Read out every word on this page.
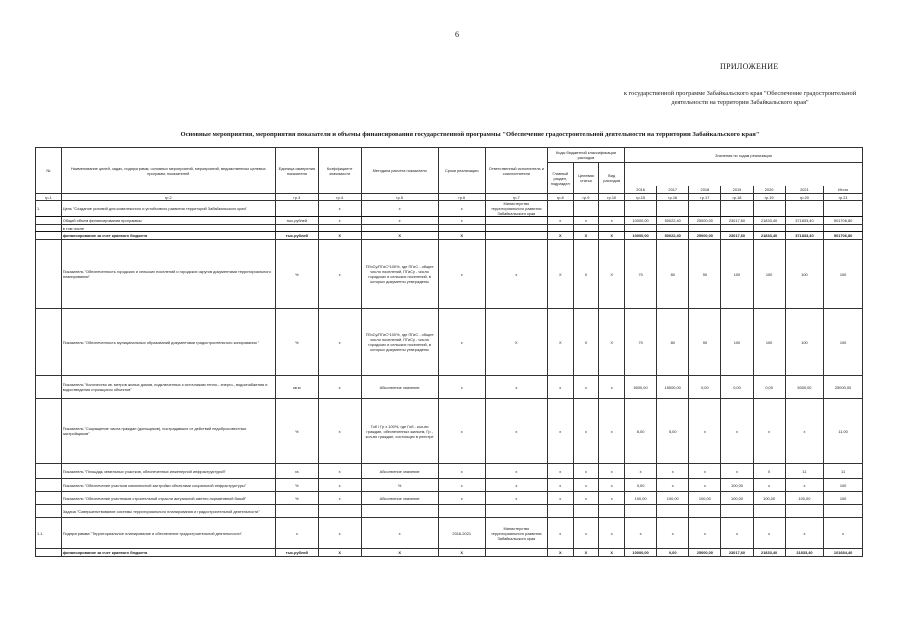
6
ПРИЛОЖЕНИЕ
к государственной программе Забайкальского края "Обеспечение градостроительной деятельности на территории Забайкальского края"
Основные мероприятия, мероприятия показатели и объемы финансирования государственной программы "Обеспечение градостроительной деятельности на территории Забайкальского края"
№	Наименование целей, задач, подпрограмм, основных мероприятий, мероприятий, ведомственных целевых программ, показателей	Единица измерения показателя	Коэффициент значимости	Методика расчета показателя	Сроки реализации	Ответственный исполнитель и соисполнители	Коды бюджетной классификации расходов			Значения по годам реализации						
							Главный раздел, подраздел	Целевая статья	Вид расходов							
										2016	2017	2018	2019	2020	2021	Итого
гр.1	гр.2	гр.3	гр.4	гр.5	гр.6	гр.7	гр.8	гр.9	гр.10	гр.15	гр.16	гр.17	гр.18	гр.19	гр.20	гр.21
1.	Цель "Создание условий для комплексного и устойчивого развития территорий Забайкальского края"		х	х	х	Министерство территориального развития Забайкальского края										
	Общий объем финансирования программы	тыс.рублей	х	х	х		х	х	х	10000,00	50022,40	25000,00	23017,60	21833,40	371833,40	501706,80
	в том числе															
	финансирование за счет краевого бюджета	тыс.рублей	Х	Х	Х		Х	Х	Х	10000,00	50022,40	25000,00	23017,60	21833,40	371833,40	501706,80
	Показатель "Обеспеченность городских и сельских поселений и городских округов документами территориального планирования"	%	х	ПГиСу/ПГиС*100%, где ПГиС - общее число поселений, ПГиСу - число городских и сельских поселений, в которых документы утверждены	х	х	Х	Х	Х	70	80	90	100	100	100	100
	Показатель "Обеспеченность муниципальных образований документами градостроительного зонирования "	%	х	ПГиСу/ПГиС*100%, где ПГиС - общее число поселений, ПГиСу - число городских и сельских поселений, в которых документы утверждены	х	Х	Х	Х	Х	70	80	90	100	100	100	100
	Показатель "Количество кв. метров жилых домов, подключенных к источникам тепло-, энерго-, водоснабжения и водоотведения строящихся объектов"	кв.м	х	Абсолютное значение	х	х	х	х	х	5000,00	15000,00	0,00	0,00	0,00	5000,00	25000,00
	Показатель "Сокращение числа граждан (дольщиков), пострадавших от действий недобросовестных застройщиков"	%	х	Гоб / Гр х 100%, где Гоб - кол-во граждан, обеспеченных жильем, Гр - кол-во граждан, состоящих в реестре	х	х	х	х	х	6,00	5,00	х	х	х	х	11,00
	Показатель "Площадь земельных участков, обеспеченных инженерной инфраструктурой"	га	х	Абсолютное значение	х	х	х	х	х	х	х	х	х	0	11	11
	Показатель "Обеспечение участков комплексной застройки объектами социальной инфраструктуры"	%	х	%	х	х	х	х	х	0,00	х	х	100,00	х	х	100
	Показатель "Обеспечение участников строительной отрасли актуальной сметно-нормативной базой"	%	х	Абсолютное значение	х	х	х	х	х	100,00	100,00	100,00	100,00	100,00	100,00	100
	Задача "Совершенствование системы территориального планирования и градостроительной деятельности"															
1.1.	Подпрограмма "Территориальное планирование и обеспечение градостроительной деятельности"	х	х	х	2016-2021	Министерство территориального развития Забайкальского края	х	х	х	х	х	х	х	х	х	х
	финансирование за счет краевого бюджета	тыс.рублей	Х	Х	Х		Х	Х	Х	10000,00	0,00	25000,00	23017,60	21833,40	21833,40	101684,40
